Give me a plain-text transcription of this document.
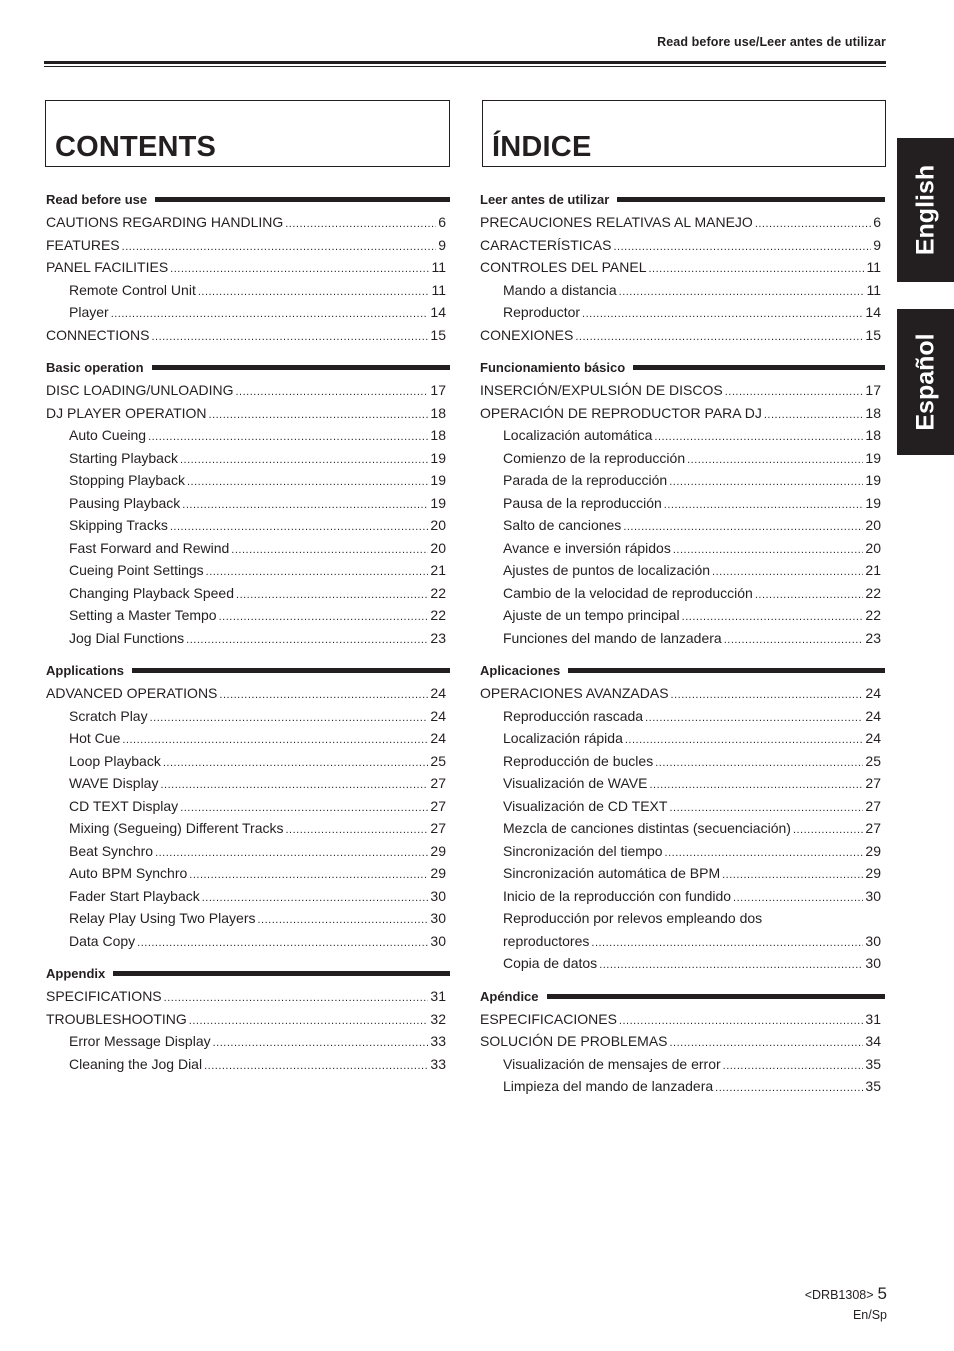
Read before use/Leer antes de utilizar
CONTENTS	ÍNDICE
Read before use
CAUTIONS REGARDING HANDLING .....	6
FEATURES .....	9
PANEL FACILITIES .....	11
Remote Control Unit .....	11
Player .....	14
CONNECTIONS .....	15
Basic operation
DISC LOADING/UNLOADING .....	17
DJ PLAYER OPERATION .....	18
Auto Cueing .....	18
Starting Playback .....	19
Stopping Playback .....	19
Pausing Playback .....	19
Skipping Tracks .....	20
Fast Forward and Rewind .....	20
Cueing Point Settings .....	21
Changing Playback Speed .....	22
Setting a Master Tempo .....	22
Jog Dial Functions .....	23
Applications
ADVANCED OPERATIONS .....	24
Scratch Play .....	24
Hot Cue .....	24
Loop Playback .....	25
WAVE Display .....	27
CD TEXT Display .....	27
Mixing (Segueing) Different Tracks .....	27
Beat Synchro .....	29
Auto BPM Synchro .....	29
Fader Start Playback .....	30
Relay Play Using Two Players .....	30
Data Copy .....	30
Appendix
SPECIFICATIONS .....	31
TROUBLESHOOTING .....	32
Error Message Display .....	33
Cleaning the Jog Dial .....	33
Leer antes de utilizar
PRECAUCIONES RELATIVAS AL MANEJO .....	6
CARACTERÍSTICAS .....	9
CONTROLES DEL PANEL .....	11
Mando a distancia .....	11
Reproductor .....	14
CONEXIONES .....	15
Funcionamiento básico
INSERCIÓN/EXPULSIÓN DE DISCOS .....	17
OPERACIÓN DE REPRODUCTOR PARA DJ .....	18
Localización automática .....	18
Comienzo de la reproducción .....	19
Parada de la reproducción .....	19
Pausa de la reproducción .....	19
Salto de canciones .....	20
Avance e inversión rápidos .....	20
Ajustes de puntos de localización .....	21
Cambio de la velocidad de reproducción .....	22
Ajuste de un tempo principal .....	22
Funciones del mando de lanzadera .....	23
Aplicaciones
OPERACIONES AVANZADAS .....	24
Reproducción rascada .....	24
Localización rápida .....	24
Reproducción de bucles .....	25
Visualización de WAVE .....	27
Visualización de CD TEXT .....	27
Mezcla de canciones distintas (secuenciación) .....	27
Sincronización del tiempo .....	29
Sincronización automática de BPM .....	29
Inicio de la reproducción con fundido .....	30
Reproducción por relevos empleando dos
reproductores .....	30
Copia de datos .....	30
Apéndice
ESPECIFICACIONES .....	31
SOLUCIÓN DE PROBLEMAS .....	34
Visualización de mensajes de error .....	35
Limpieza del mando de lanzadera .....	35
English
Español
<DRB1308> 5
En/Sp
